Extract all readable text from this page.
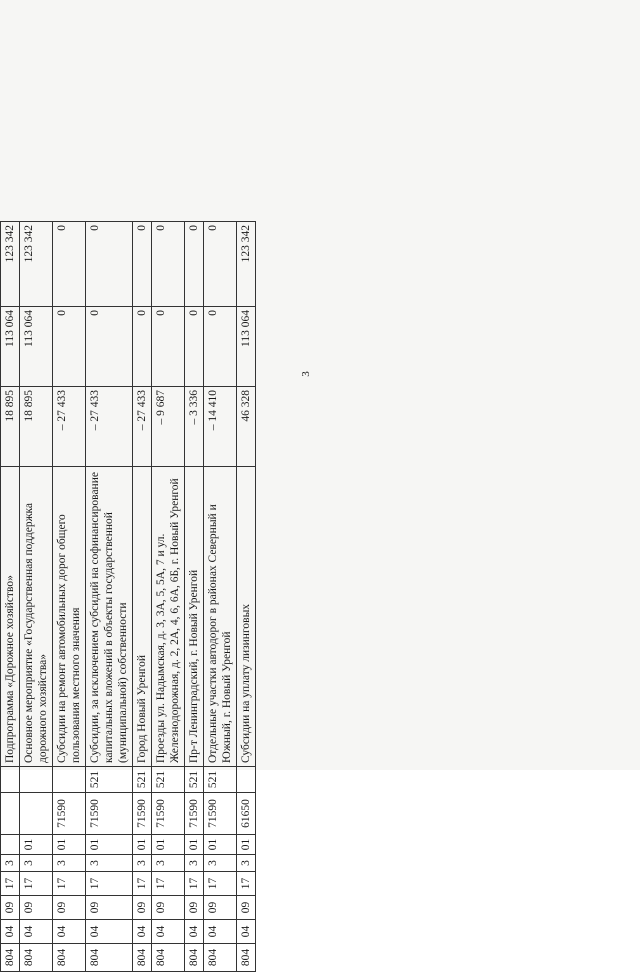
3

804	04	09	17	3				Подпрограмма «Дорожное хозяйство»	18 895	113 064	123 342
804	04	09	17	3	01			Основное мероприятие «Государственная поддержка дорожного хозяйства»	18 895	113 064	123 342
804	04	09	17	3	01	71590		Субсидии на ремонт автомобильных дорог общего пользования местного значения	– 27 433	0	0
804	04	09	17	3	01	71590	521	Субсидии, за исключением субсидий на софинансирование капитальных вложений в объекты государственной (муниципальной) собственности	– 27 433	0	0
804	04	09	17	3	01	71590	521	Город Новый Уренгой	– 27 433	0	0
804	04	09	17	3	01	71590	521	Проезды ул. Надымская, д. 3, 3А, 5, 5А, 7 и ул. Железнодорожная, д. 2, 2А, 4, 6, 6А, 6Б, г. Новый Уренгой	– 9 687	0	0
804	04	09	17	3	01	71590	521	Пр-т Ленинградский, г. Новый Уренгой	– 3 336	0	0
804	04	09	17	3	01	71590	521	Отдельные участки автодорог в районах Северный и Южный, г. Новый Уренгой	– 14 410	0	0
804	04	09	17	3	01	61650		Субсидии на уплату лизинговых	46 328	113 064	123 342
